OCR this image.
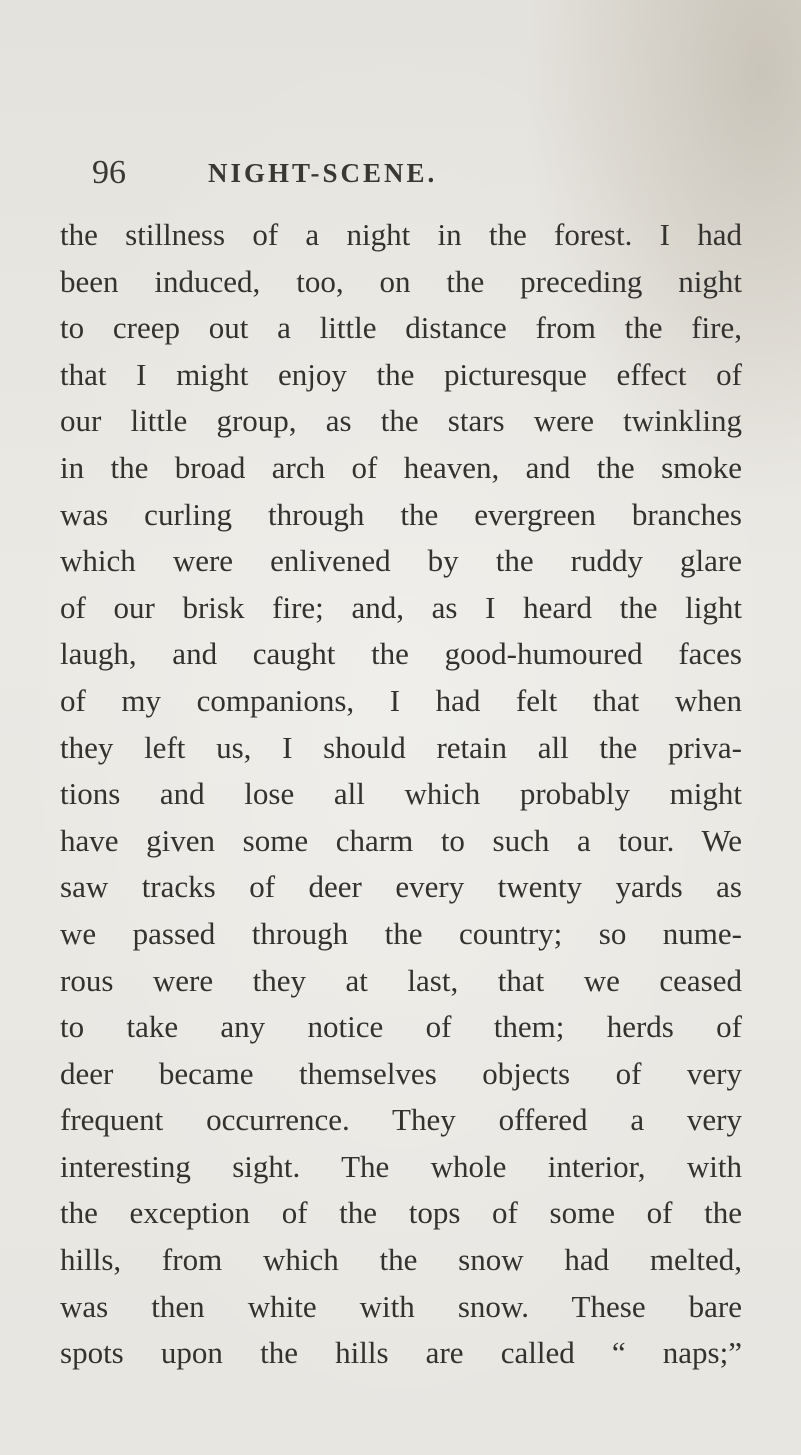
96	NIGHT-SCENE.
the stillness of a night in the forest. I had
been induced, too, on the preceding night
to creep out a little distance from the fire,
that I might enjoy the picturesque effect of
our little group, as the stars were twinkling
in the broad arch of heaven, and the smoke
was curling through the evergreen branches
which were enlivened by the ruddy glare
of our brisk fire; and, as I heard the light
laugh, and caught the good-humoured faces
of my companions, I had felt that when
they left us, I should retain all the priva-
tions and lose all which probably might
have given some charm to such a tour. We
saw tracks of deer every twenty yards as
we passed through the country; so nume-
rous were they at last, that we ceased
to take any notice of them; herds of
deer became themselves objects of very
frequent occurrence. They offered a very
interesting sight. The whole interior, with
the exception of the tops of some of the
hills, from which the snow had melted,
was then white with snow. These bare
spots upon the hills are called “ naps;”
